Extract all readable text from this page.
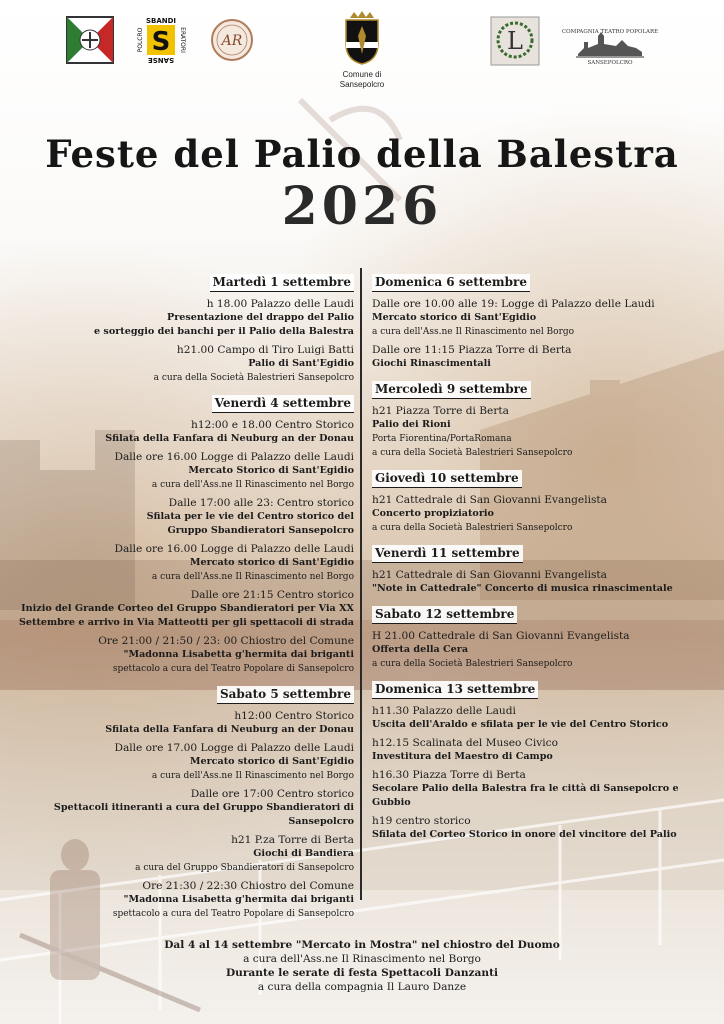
S
SBANDI
SANSE
POLCRO	ERATORI	AR
Comune di
Sansepolcro
L	COMPAGNIA TEATRO POPOLARE
SANSEPOLCRO
Feste del Palio della Balestra
2026
Martedì 1 settembre
h 18.00 Palazzo delle Laudi
Presentazione del drappo del Palio
e sorteggio dei banchi per il Palio della Balestra
h21.00 Campo di Tiro Luigi Batti
Palio di Sant'Egidio
a cura della Società Balestrieri Sansepolcro
Venerdì 4 settembre
h12:00 e 18.00 Centro Storico
Sfilata della Fanfara di Neuburg an der Donau
Dalle ore 16.00 Logge di Palazzo delle Laudi
Mercato Storico di Sant'Egidio
a cura dell'Ass.ne Il Rinascimento nel Borgo
Dalle 17:00 alle 23: Centro storico
Sfilata per le vie del Centro storico del
Gruppo Sbandieratori Sansepolcro
Dalle ore 16.00 Logge di Palazzo delle Laudi
Mercato storico di Sant'Egidio
a cura dell'Ass.ne Il Rinascimento nel Borgo
Dalle ore 21:15 Centro storico
Inizio del Grande Corteo del Gruppo Sbandieratori per Via XX
Settembre e arrivo in Via Matteotti per gli spettacoli di strada
Ore 21:00 / 21:50 / 23: 00 Chiostro del Comune
"Madonna Lisabetta g'hermita dai briganti
spettacolo a cura del Teatro Popolare di Sansepolcro
Sabato 5 settembre
h12:00 Centro Storico
Sfilata della Fanfara di Neuburg an der Donau
Dalle ore 17.00 Logge di Palazzo delle Laudi
Mercato storico di Sant'Egidio
a cura dell'Ass.ne Il Rinascimento nel Borgo
Dalle ore 17:00 Centro storico
Spettacoli itineranti a cura del Gruppo Sbandieratori di Sansepolcro
h21 P.za Torre di Berta
Giochi di Bandiera
a cura del Gruppo Sbandieratori di Sansepolcro
Ore 21:30 / 22:30 Chiostro del Comune
"Madonna Lisabetta g'hermita dai briganti
spettacolo a cura del Teatro Popolare di Sansepolcro
Domenica 6 settembre
Dalle ore 10.00 alle 19: Logge di Palazzo delle Laudi
Mercato storico di Sant'Egidio
a cura dell'Ass.ne Il Rinascimento nel Borgo
Dalle ore 11:15 Piazza Torre di Berta
Giochi Rinascimentali
Mercoledì 9 settembre
h21 Piazza Torre di Berta
Palio dei Rioni
Porta Fiorentina/PortaRomana
a cura della Società Balestrieri Sansepolcro
Giovedì 10 settembre
h21 Cattedrale di San Giovanni Evangelista
Concerto propiziatorio
a cura della Società Balestrieri Sansepolcro
Venerdì 11 settembre
h21 Cattedrale di San Giovanni Evangelista
"Note in Cattedrale" Concerto di musica rinascimentale
Sabato 12 settembre
H 21.00 Cattedrale di San Giovanni Evangelista
Offerta della Cera
a cura della Società Balestrieri Sansepolcro
Domenica 13 settembre
h11.30 Palazzo delle Laudi
Uscita dell'Araldo e sfilata per le vie del Centro Storico
h12.15 Scalinata del Museo Civico
Investitura del Maestro di Campo
h16.30 Piazza Torre di Berta
Secolare Palio della Balestra fra le città di Sansepolcro e Gubbio
h19 centro storico
Sfilata del Corteo Storico in onore del vincitore del Palio
Dal 4 al 14 settembre "Mercato in Mostra" nel chiostro del Duomo
a cura dell'Ass.ne Il Rinascimento nel Borgo
Durante le serate di festa Spettacoli Danzanti
a cura della compagnia Il Lauro Danze
